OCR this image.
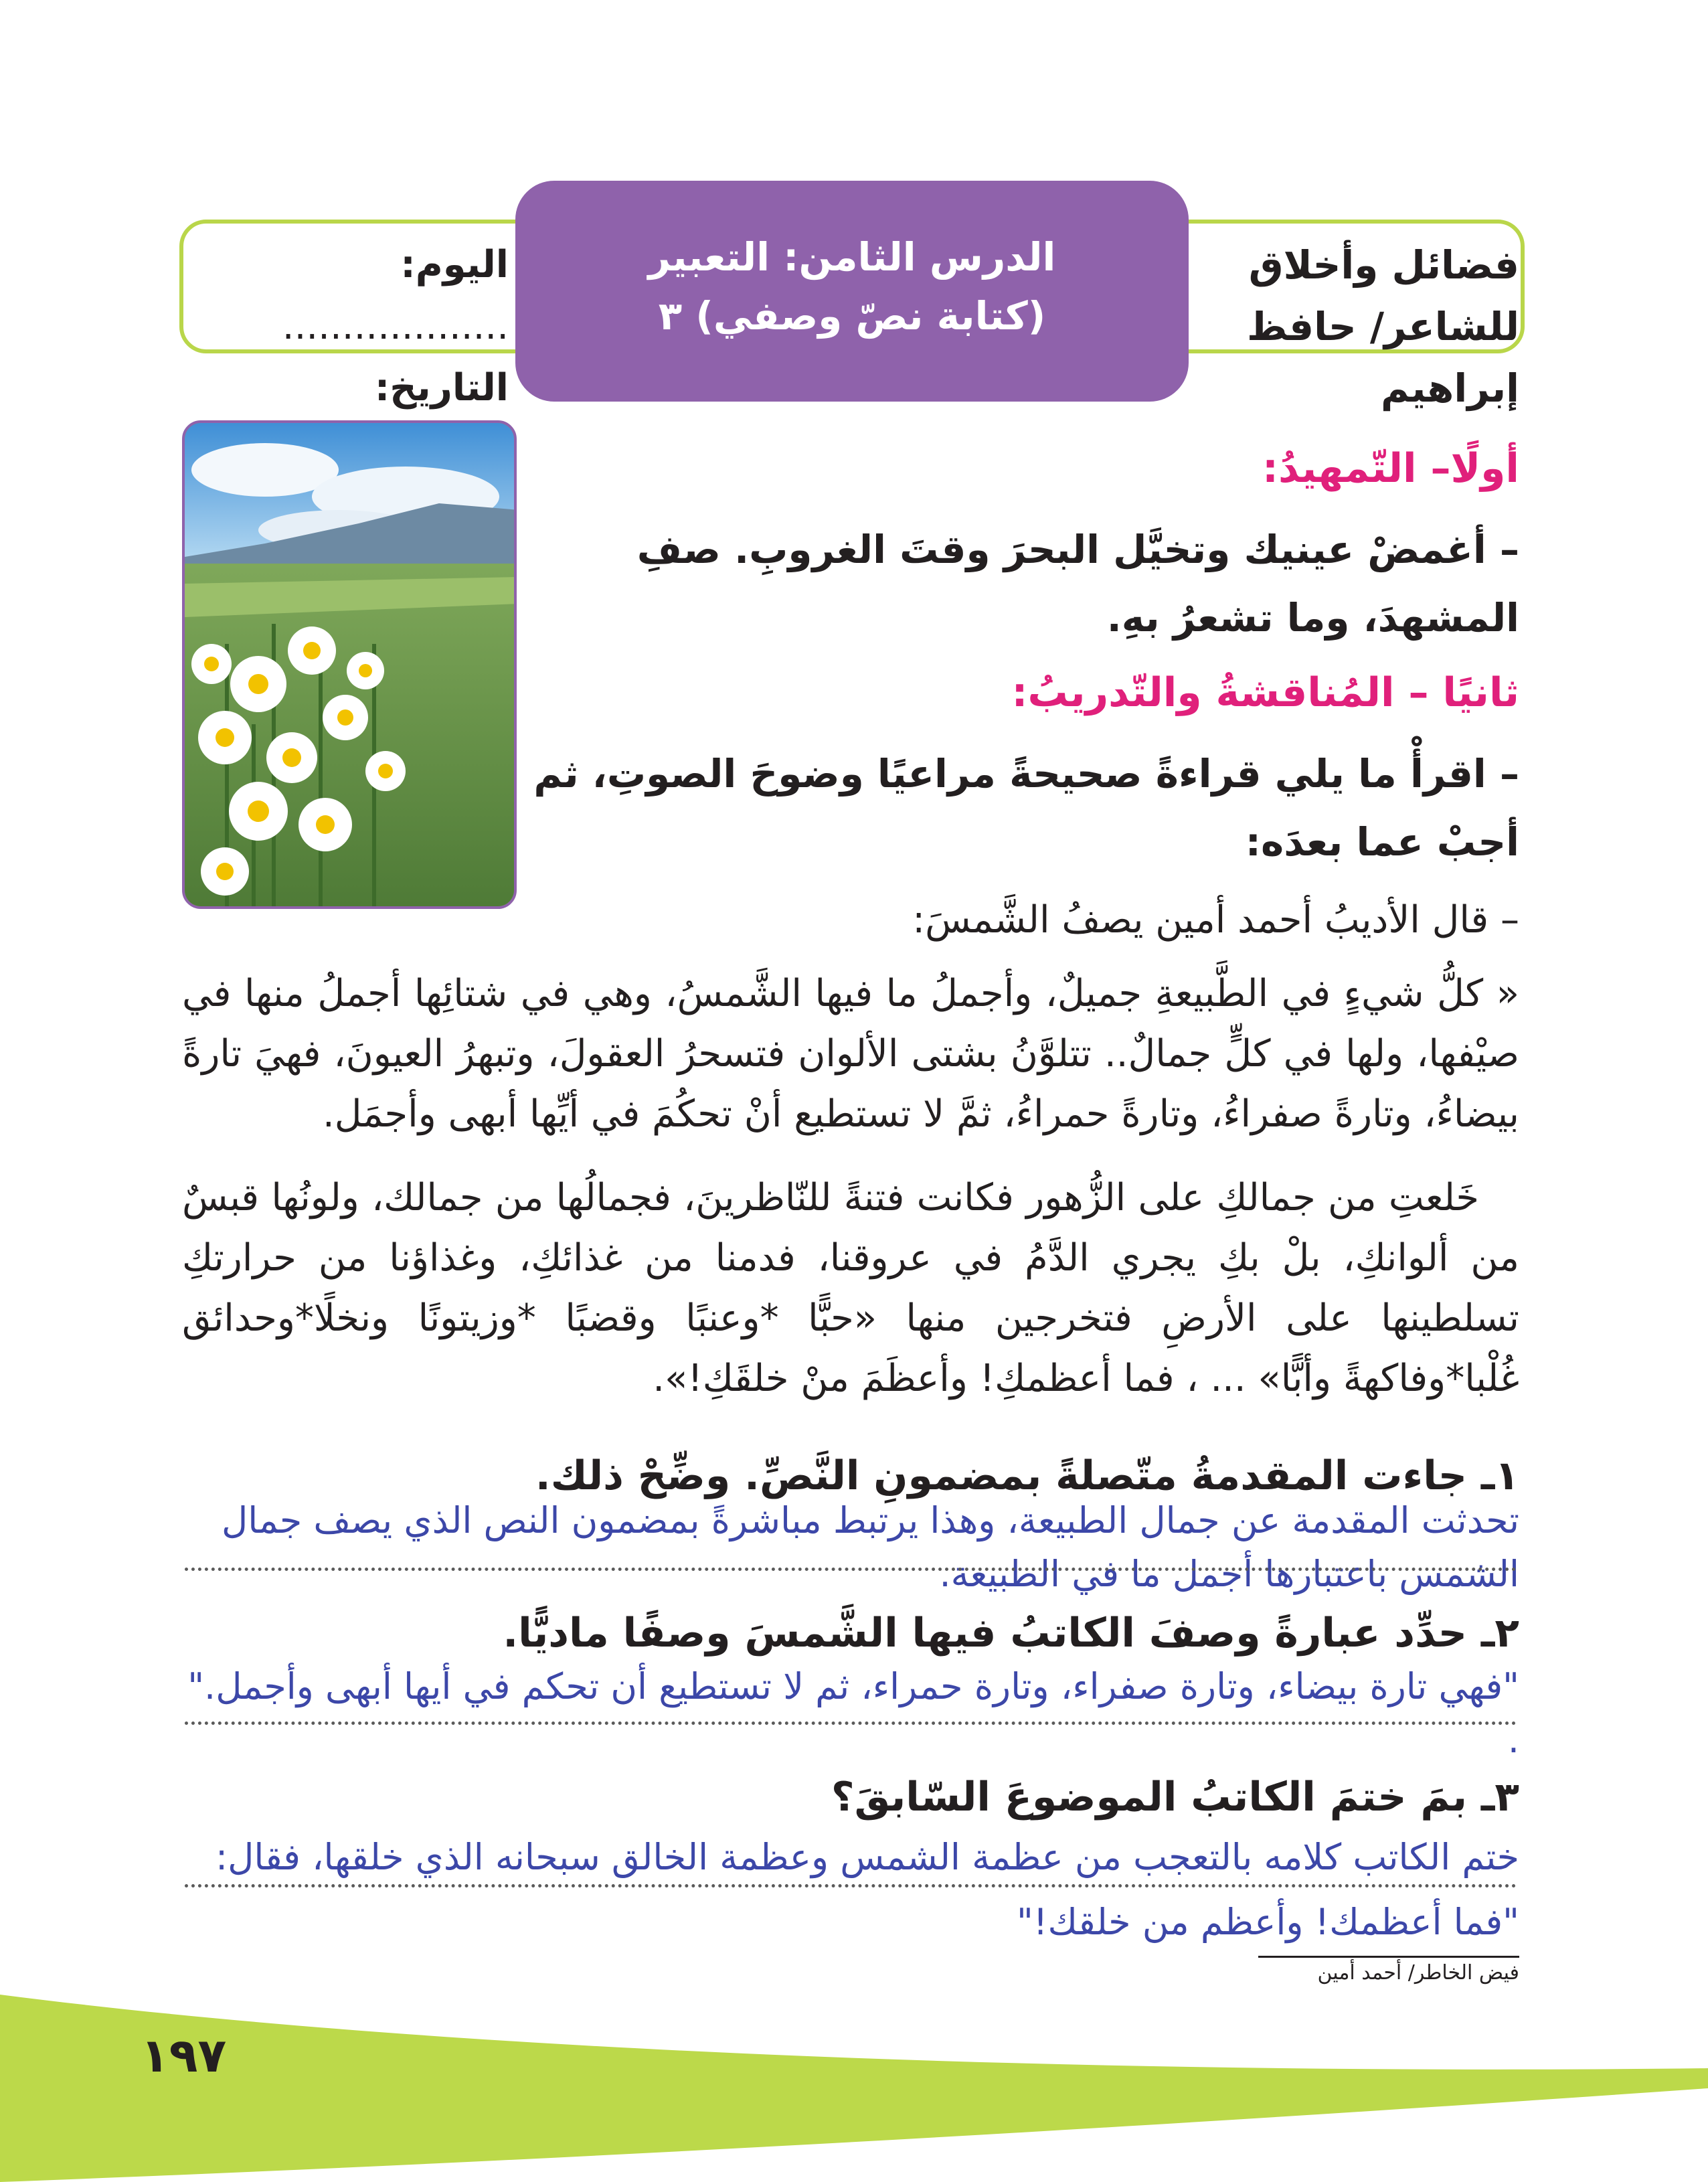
الدرس الثامن: التعبير
(كتابة نصّ وصفي) ٣
فضائل وأخلاق
للشاعر/ حافظ إبراهيم
اليوم: ...................
التاريخ:
أولًا– التّمهيدُ:
– أغمضْ عينيك وتخيَّل البحرَ وقتَ الغروبِ. صفِ المشهدَ، وما تشعرُ بهِ.
ثانيًا – المُناقشةُ والتّدريبُ:
– اقرأْ ما يلي قراءةً صحيحةً مراعيًا وضوحَ الصوتِ، ثم أجبْ عما بعدَه:
– قال الأديبُ أحمد أمين يصفُ الشَّمسَ:
« كلُّ شيءٍ في الطَّبيعةِ جميلٌ، وأجملُ ما فيها الشَّمسُ، وهي في شتائِها أجملُ منها في صيْفها، ولها في كلٍّ جمالٌ.. تتلوَّنُ بشتى الألوان فتسحرُ العقولَ، وتبهرُ العيونَ، فهيَ تارةً بيضاءُ، وتارةً صفراءُ، وتارةً حمراءُ، ثمَّ لا تستطيع أنْ تحكُمَ في أيِّها أبهى وأجمَل.
خَلعتِ من جمالكِ على الزُّهور فكانت فتنةً للنّاظرينَ، فجمالُها من جمالك، ولونُها قبسٌ من ألوانكِ، بلْ بكِ يجري الدَّمُ في عروقنا، فدمنا من غذائكِ، وغذاؤنا من حرارتكِ تسلطينها على الأرضِ فتخرجين منها «حبًّا *وعنبًا وقضبًا *وزيتونًا ونخلًا*وحدائق غُلْبا*وفاكهةً وأبًّا» ... ، فما أعظمكِ! وأعظَمَ منْ خلقَكِ!».
١ـ جاءت المقدمةُ متّصلةً بمضمونِ النَّصِّ. وضِّحْ ذلك.
تحدثت المقدمة عن جمال الطبيعة، وهذا يرتبط مباشرةً بمضمون النص الذي يصف جمال الشمس باعتبارها أجمل ما في الطبيعة.
٢ـ حدِّد عبارةً وصفَ الكاتبُ فيها الشَّمسَ وصفًا ماديًّا.
"فهي تارة بيضاء، وتارة صفراء، وتارة حمراء، ثم لا تستطيع أن تحكم في أيها أبهى وأجمل." .
٣ـ بمَ ختمَ الكاتبُ الموضوعَ السّابقَ؟
ختم الكاتب كلامه بالتعجب من عظمة الشمس وعظمة الخالق سبحانه الذي خلقها، فقال:
"فما أعظمك! وأعظم من خلقك!"
فيض الخاطر/ أحمد أمين
١٩٧
